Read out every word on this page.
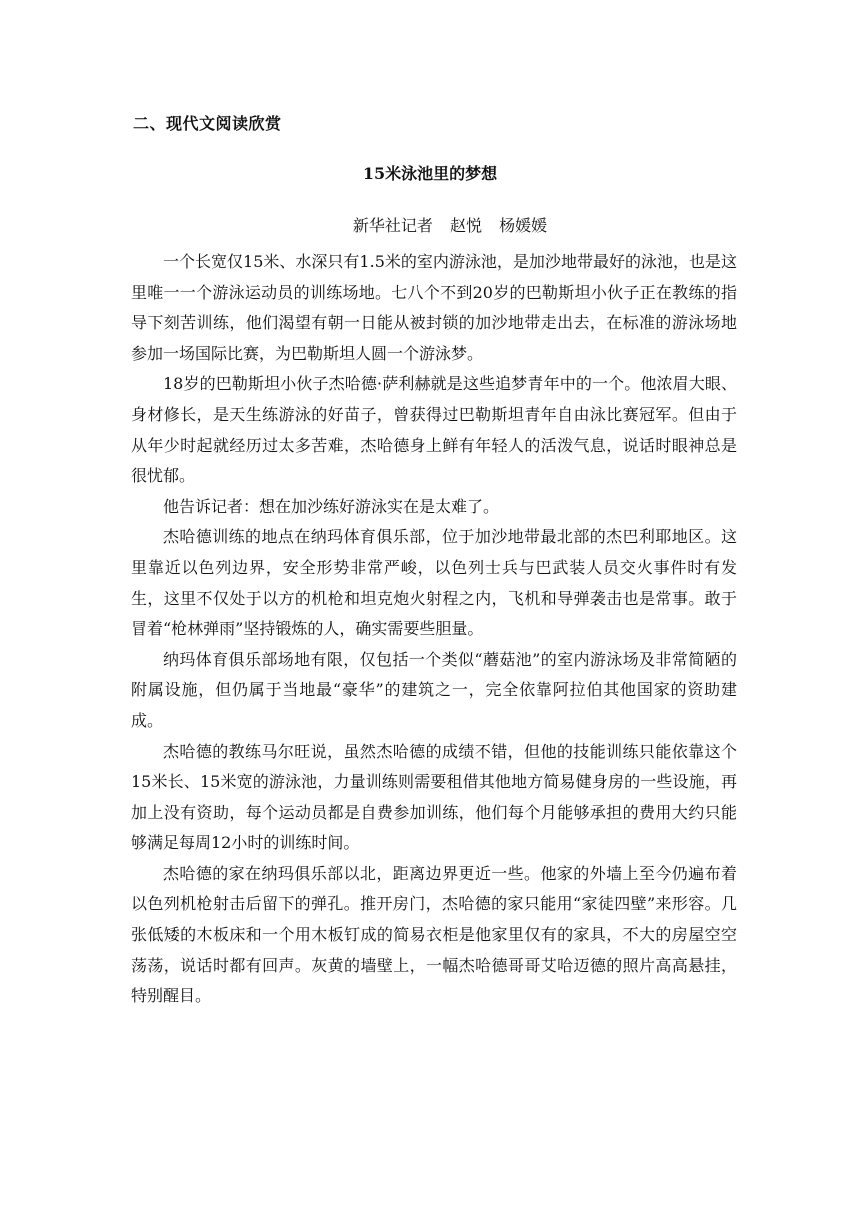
二、现代文阅读欣赏
15米泳池里的梦想
新华社记者 赵悦 杨媛媛

一个长宽仅15米、水深只有1.5米的室内游泳池，是加沙地带最好的泳池，也是这里唯一一个游泳运动员的训练场地。七八个不到20岁的巴勒斯坦小伙子正在教练的指导下刻苦训练，他们渴望有朝一日能从被封锁的加沙地带走出去，在标准的游泳场地参加一场国际比赛，为巴勒斯坦人圆一个游泳梦。

18岁的巴勒斯坦小伙子杰哈德·萨利赫就是这些追梦青年中的一个。他浓眉大眼、身材修长，是天生练游泳的好苗子，曾获得过巴勒斯坦青年自由泳比赛冠军。但由于从年少时起就经历过太多苦难，杰哈德身上鲜有年轻人的活泼气息，说话时眼神总是很忧郁。

他告诉记者：想在加沙练好游泳实在是太难了。

杰哈德训练的地点在纳玛体育俱乐部，位于加沙地带最北部的杰巴利耶地区。这里靠近以色列边界，安全形势非常严峻，以色列士兵与巴武装人员交火事件时有发生，这里不仅处于以方的机枪和坦克炮火射程之内，飞机和导弹袭击也是常事。敢于冒着“枪林弹雨”坚持锻炼的人，确实需要些胆量。

纳玛体育俱乐部场地有限，仅包括一个类似“蘑菇池”的室内游泳场及非常简陋的附属设施，但仍属于当地最“豪华”的建筑之一，完全依靠阿拉伯其他国家的资助建成。

杰哈德的教练马尔旺说，虽然杰哈德的成绩不错，但他的技能训练只能依靠这个15米长、15米宽的游泳池，力量训练则需要租借其他地方简易健身房的一些设施，再加上没有资助，每个运动员都是自费参加训练，他们每个月能够承担的费用大约只能够满足每周12小时的训练时间。

杰哈德的家在纳玛俱乐部以北，距离边界更近一些。他家的外墙上至今仍遍布着以色列机枪射击后留下的弹孔。推开房门，杰哈德的家只能用“家徒四壁”来形容。几张低矮的木板床和一个用木板钉成的简易衣柜是他家里仅有的家具，不大的房屋空空荡荡，说话时都有回声。灰黄的墙壁上，一幅杰哈德哥哥艾哈迈德的照片高高悬挂，特别醒目。
